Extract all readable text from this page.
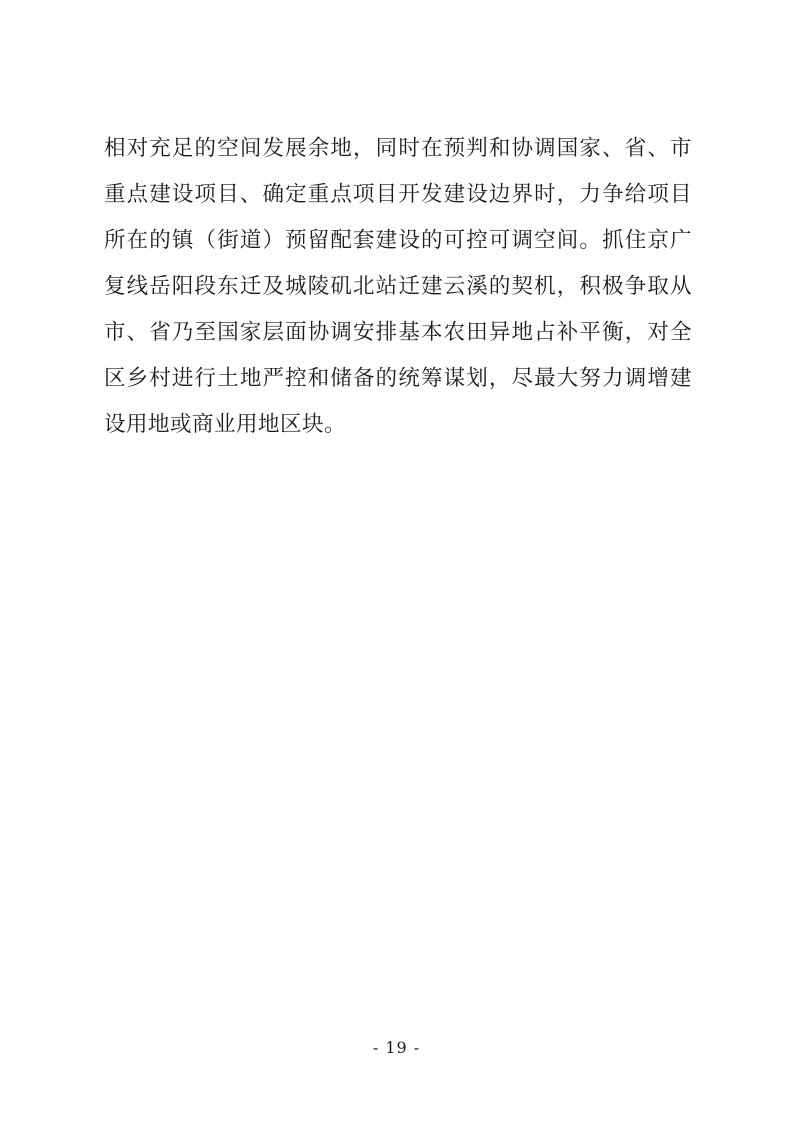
相对充足的空间发展余地，同时在预判和协调国家、省、市重点建设项目、确定重点项目开发建设边界时，力争给项目所在的镇（街道）预留配套建设的可控可调空间。抓住京广复线岳阳段东迁及城陵矶北站迁建云溪的契机，积极争取从市、省乃至国家层面协调安排基本农田异地占补平衡，对全区乡村进行土地严控和储备的统筹谋划，尽最大努力调增建设用地或商业用地区块。

- 19 -
